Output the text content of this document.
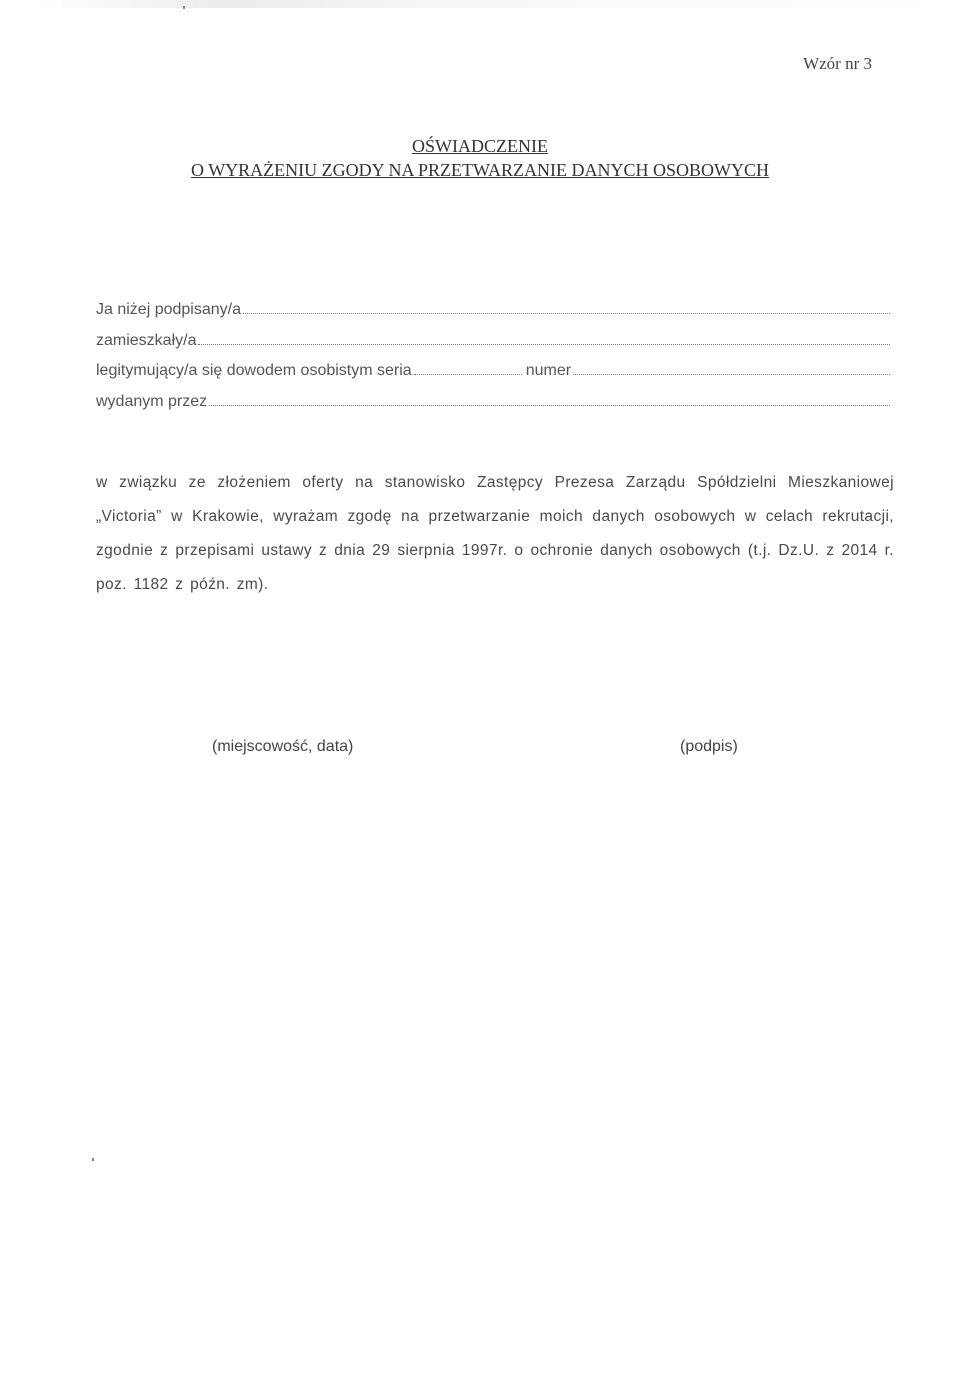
Wzór nr 3
OŚWIADCZENIE
O WYRAŻENIU ZGODY NA PRZETWARZANIE DANYCH OSOBOWYCH
Ja niżej podpisany/a
zamieszkały/a
legitymujący/a się dowodem osobistym seria	numer
wydanym przez
w związku ze złożeniem oferty na stanowisko Zastępcy Prezesa Zarządu Spółdzielni Mieszkaniowej „Victoria” w Krakowie, wyrażam zgodę na przetwarzanie moich danych osobowych w celach rekrutacji, zgodnie z przepisami ustawy z dnia 29 sierpnia 1997r. o ochronie danych osobowych (t.j. Dz.U. z 2014 r. poz. 1182 z późn. zm).
(miejscowość, data)	(podpis)
